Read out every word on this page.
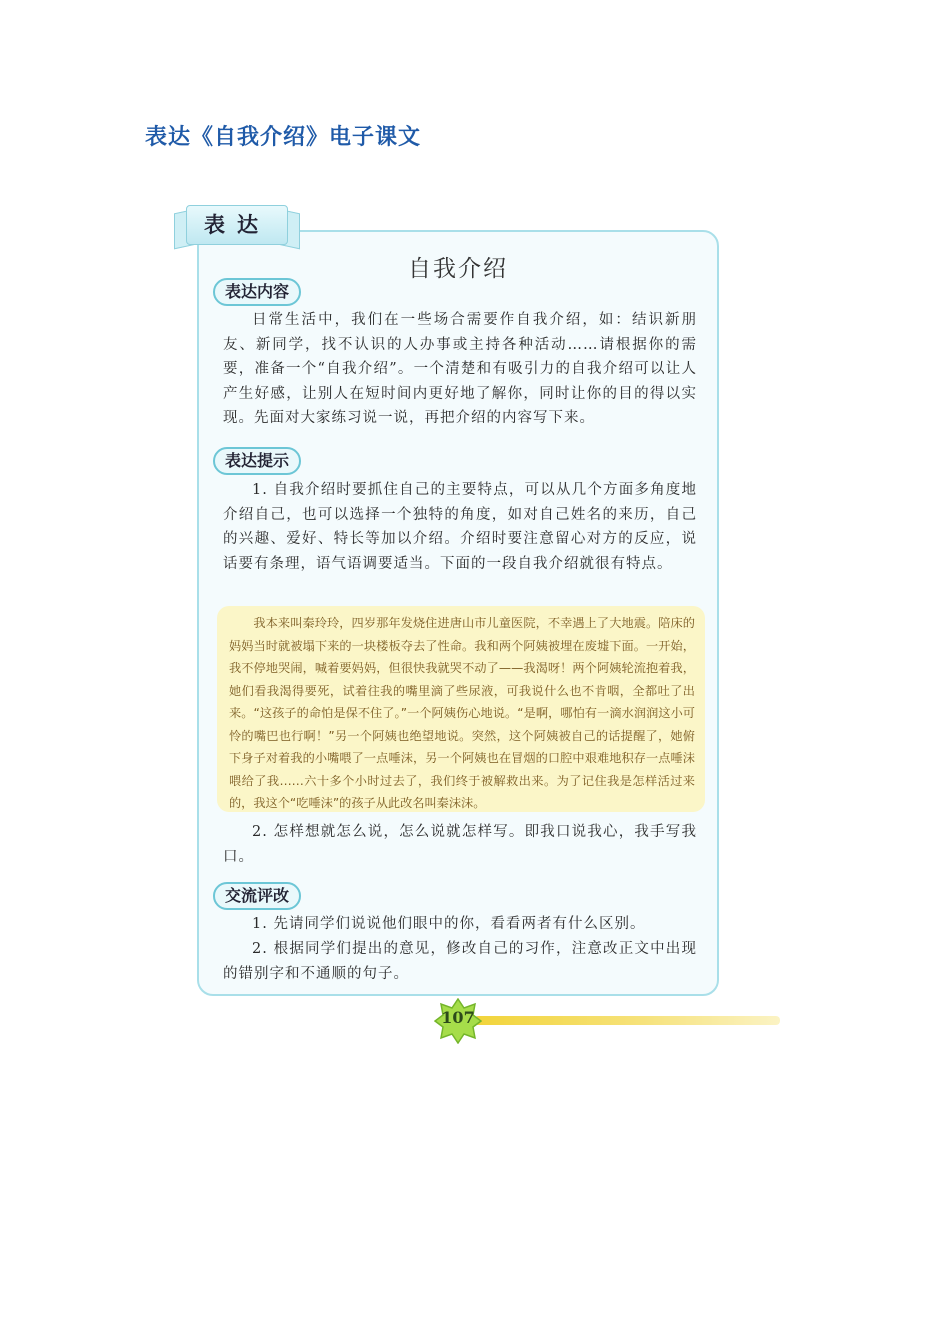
表达《自我介绍》电子课文
自我介绍
表达内容

日常生活中，我们在一些场合需要作自我介绍，如：结识新朋友、新同学，找不认识的人办事或主持各种活动……请根据你的需要，准备一个“自我介绍”。一个清楚和有吸引力的自我介绍可以让人产生好感，让别人在短时间内更好地了解你，同时让你的目的得以实现。先面对大家练习说一说，再把介绍的内容写下来。

表达提示

1. 自我介绍时要抓住自己的主要特点，可以从几个方面多角度地介绍自己，也可以选择一个独特的角度，如对自己姓名的来历，自己的兴趣、爱好、特长等加以介绍。介绍时要注意留心对方的反应，说话要有条理，语气语调要适当。下面的一段自我介绍就很有特点。

我本来叫秦玲玲，四岁那年发烧住进唐山市儿童医院，不幸遇上了大地震。陪床的妈妈当时就被塌下来的一块楼板夺去了性命。我和两个阿姨被埋在废墟下面。一开始，我不停地哭闹，喊着要妈妈，但很快我就哭不动了——我渴呀！两个阿姨轮流抱着我，她们看我渴得要死，试着往我的嘴里滴了些尿液，可我说什么也不肯咽，全都吐了出来。“这孩子的命怕是保不住了。”一个阿姨伤心地说。“是啊，哪怕有一滴水润润这小可怜的嘴巴也行啊！”另一个阿姨也绝望地说。突然，这个阿姨被自己的话提醒了，她俯下身子对着我的小嘴喂了一点唾沫，另一个阿姨也在冒烟的口腔中艰难地积存一点唾沫喂给了我……六十多个小时过去了，我们终于被解救出来。为了记住我是怎样活过来的，我这个“吃唾沫”的孩子从此改名叫秦沫沫。

2. 怎样想就怎么说，怎么说就怎样写。即我口说我心，我手写我口。

交流评改

1. 先请同学们说说他们眼中的你，看看两者有什么区别。

2. 根据同学们提出的意见，修改自己的习作，注意改正文中出现的错别字和不通顺的句子。

表达
107
